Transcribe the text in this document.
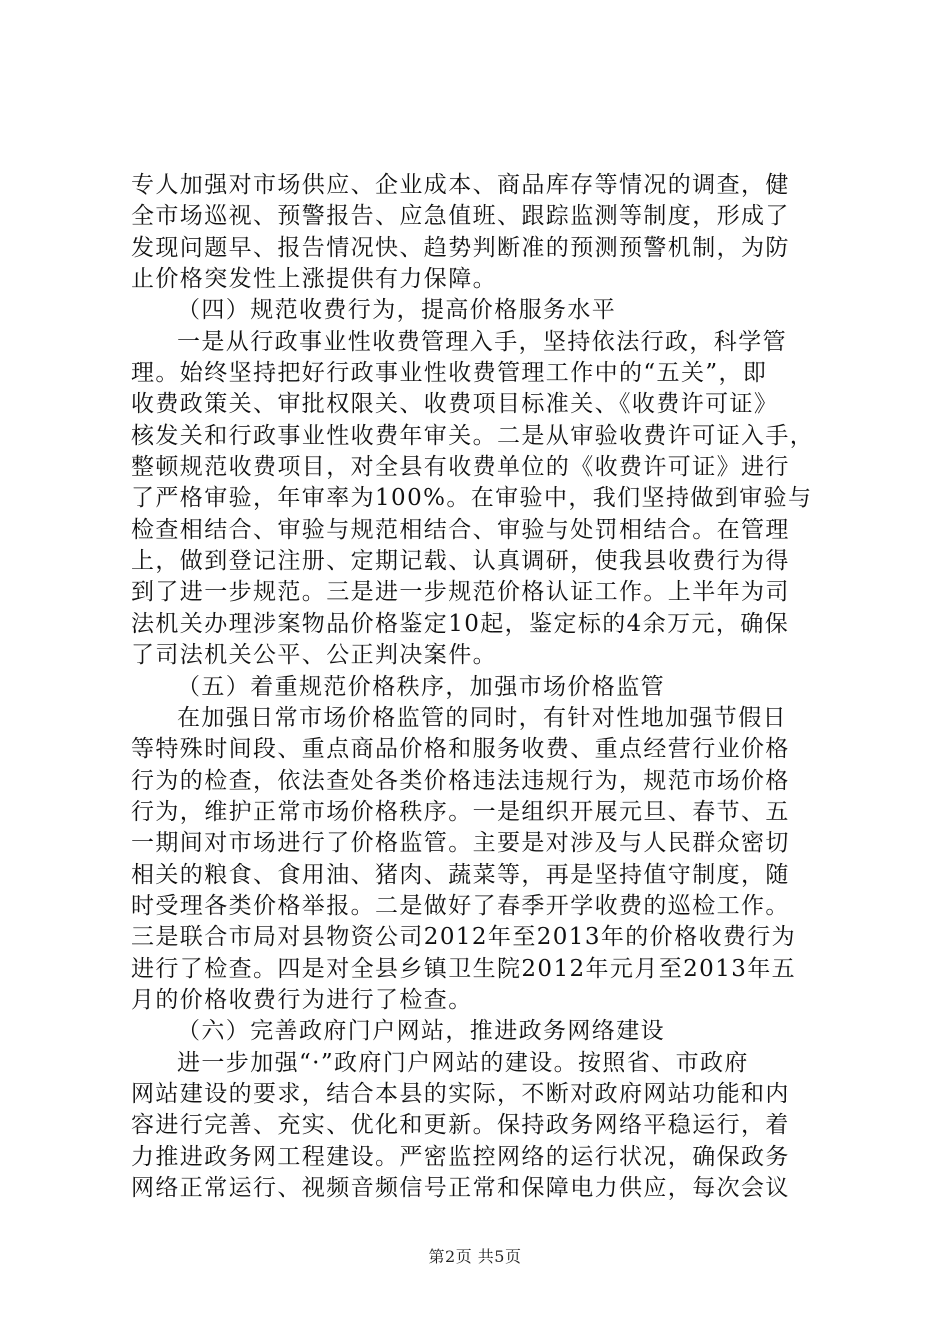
专人加强对市场供应、企业成本、商品库存等情况的调查，健
全市场巡视、预警报告、应急值班、跟踪监测等制度，形成了
发现问题早、报告情况快、趋势判断准的预测预警机制，为防
止价格突发性上涨提供有力保障。
（四）规范收费行为，提高价格服务水平
一是从行政事业性收费管理入手，坚持依法行政，科学管
理。始终坚持把好行政事业性收费管理工作中的“五关”，即
收费政策关、审批权限关、收费项目标准关、《收费许可证》
核发关和行政事业性收费年审关。二是从审验收费许可证入手，
整顿规范收费项目，对全县有收费单位的《收费许可证》进行
了严格审验，年审率为100%。在审验中，我们坚持做到审验与
检查相结合、审验与规范相结合、审验与处罚相结合。在管理
上，做到登记注册、定期记载、认真调研，使我县收费行为得
到了进一步规范。三是进一步规范价格认证工作。上半年为司
法机关办理涉案物品价格鉴定10起，鉴定标的4余万元，确保
了司法机关公平、公正判决案件。
（五）着重规范价格秩序，加强市场价格监管
在加强日常市场价格监管的同时，有针对性地加强节假日
等特殊时间段、重点商品价格和服务收费、重点经营行业价格
行为的检查，依法查处各类价格违法违规行为，规范市场价格
行为，维护正常市场价格秩序。一是组织开展元旦、春节、五
一期间对市场进行了价格监管。主要是对涉及与人民群众密切
相关的粮食、食用油、猪肉、蔬菜等，再是坚持值守制度，随
时受理各类价格举报。二是做好了春季开学收费的巡检工作。
三是联合市局对县物资公司2012年至2013年的价格收费行为
进行了检查。四是对全县乡镇卫生院2012年元月至2013年五
月的价格收费行为进行了检查。
（六）完善政府门户网站，推进政务网络建设
进一步加强“·”政府门户网站的建设。按照省、市政府
网站建设的要求，结合本县的实际，不断对政府网站功能和内
容进行完善、充实、优化和更新。保持政务网络平稳运行，着
力推进政务网工程建设。严密监控网络的运行状况，确保政务
网络正常运行、视频音频信号正常和保障电力供应，每次会议
第2页 共5页
